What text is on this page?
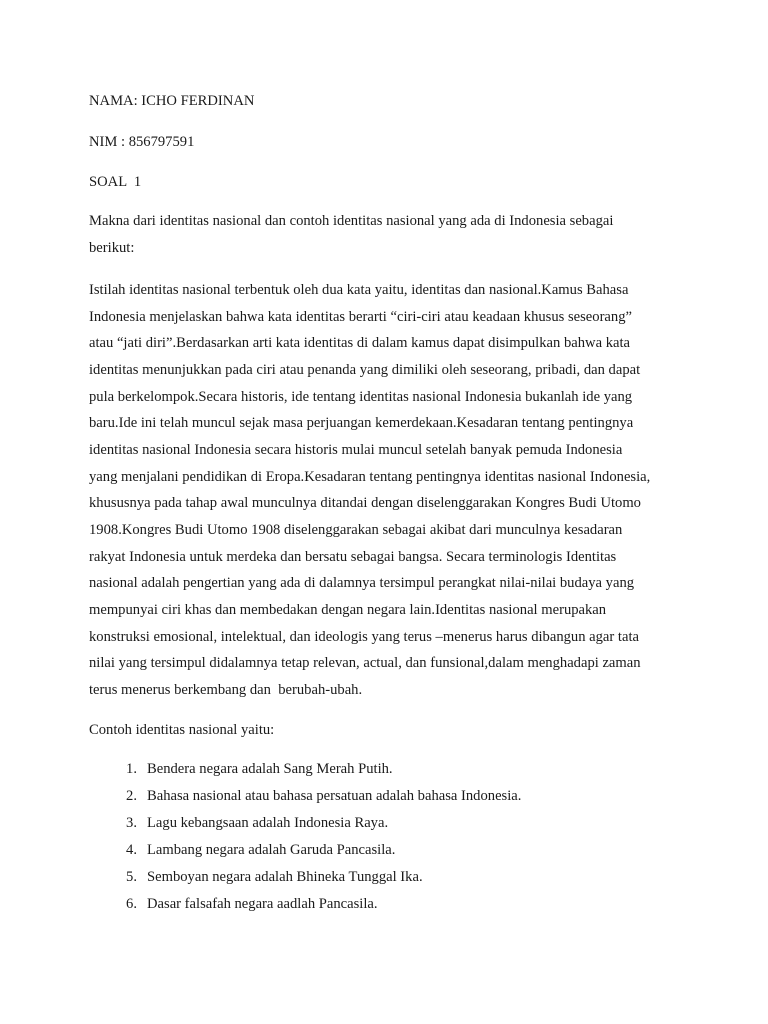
NAMA: ICHO FERDINAN
NIM : 856797591
SOAL  1

Makna dari identitas nasional dan contoh identitas nasional yang ada di Indonesia sebagai berikut:

Istilah identitas nasional terbentuk oleh dua kata yaitu, identitas dan nasional.Kamus Bahasa Indonesia menjelaskan bahwa kata identitas berarti “ciri-ciri atau keadaan khusus seseorang” atau “jati diri”.Berdasarkan arti kata identitas di dalam kamus dapat disimpulkan bahwa kata identitas menunjukkan pada ciri atau penanda yang dimiliki oleh seseorang, pribadi, dan dapat pula berkelompok.Secara historis, ide tentang identitas nasional Indonesia bukanlah ide yang baru.Ide ini telah muncul sejak masa perjuangan kemerdekaan.Kesadaran tentang pentingnya identitas nasional Indonesia secara historis mulai muncul setelah banyak pemuda Indonesia yang menjalani pendidikan di Eropa.Kesadaran tentang pentingnya identitas nasional Indonesia, khususnya pada tahap awal munculnya ditandai dengan diselenggarakan Kongres Budi Utomo 1908.Kongres Budi Utomo 1908 diselenggarakan sebagai akibat dari munculnya kesadaran rakyat Indonesia untuk merdeka dan bersatu sebagai bangsa. Secara terminologis Identitas nasional adalah pengertian yang ada di dalamnya tersimpul perangkat nilai-nilai budaya yang mempunyai ciri khas dan membedakan dengan negara lain.Identitas nasional merupakan konstruksi emosional, intelektual, dan ideologis yang terus –menerus harus dibangun agar tata nilai yang tersimpul didalamnya tetap relevan, actual, dan funsional,dalam menghadapi zaman terus menerus berkembang dan  berubah-ubah.

Contoh identitas nasional yaitu:
1. Bendera negara adalah Sang Merah Putih.
2. Bahasa nasional atau bahasa persatuan adalah bahasa Indonesia.
3. Lagu kebangsaan adalah Indonesia Raya.
4. Lambang negara adalah Garuda Pancasila.
5. Semboyan negara adalah Bhineka Tunggal Ika.
6. Dasar falsafah negara aadlah Pancasila.
